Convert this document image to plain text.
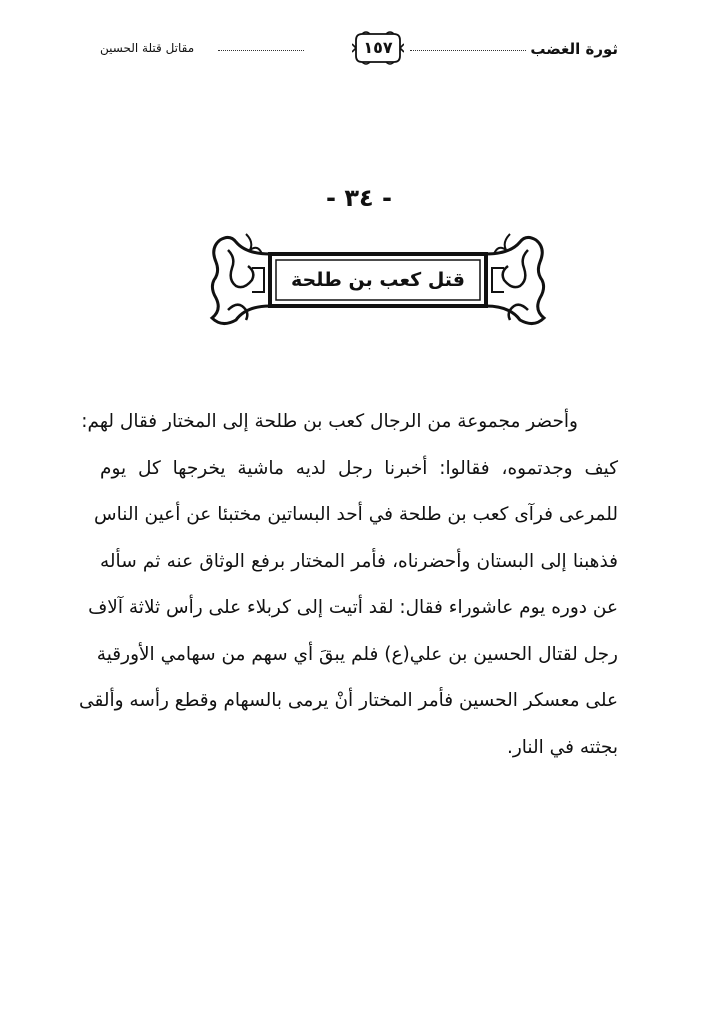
ثورة الغضب
١٥٧
مقاتل قتلة الحسين
- ٣٤ -
قتل كعب بن طلحة
وأحضر مجموعة من الرجال كعب بن طلحة إلى المختار فقال لهم:
كيف وجدتموه، فقالوا: أخبرنا رجل لديه ماشية يخرجها كل يوم
للمرعى فرآى كعب بن طلحة في أحد البساتين مختبئا عن أعين الناس
فذهبنا إلى البستان وأحضرناه، فأمر المختار برفع الوثاق عنه ثم سأله
عن دوره يوم عاشوراء فقال: لقد أتيت إلى كربلاء على رأس ثلاثة آلاف
رجل لقتال الحسين بن علي(ع) فلم يبقَ أي سهم من سهامي الأورقية
على معسكر الحسين فأمر المختار أنْ يرمى بالسهام وقطع رأسه وألقى
بجثته في النار.
